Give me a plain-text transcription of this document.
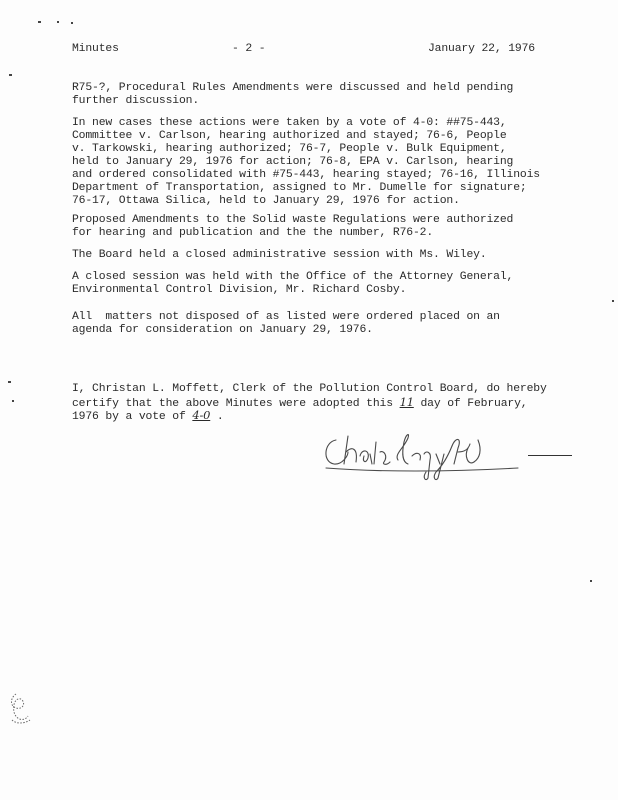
Minutes	- 2 -	January 22, 1976
R75-?, Procedural Rules Amendments were discussed and held pending
further discussion.
In new cases these actions were taken by a vote of 4-0: ##75-443,
Committee v. Carlson, hearing authorized and stayed; 76-6, People
v. Tarkowski, hearing authorized; 76-7, People v. Bulk Equipment,
held to January 29, 1976 for action; 76-8, EPA v. Carlson, hearing
and ordered consolidated with #75-443, hearing stayed; 76-16, Illinois
Department of Transportation, assigned to Mr. Dumelle for signature;
76-17, Ottawa Silica, held to January 29, 1976 for action.
Proposed Amendments to the Solid waste Regulations were authorized
for hearing and publication and the the number, R76-2.
The Board held a closed administrative session with Ms. Wiley.
A closed session was held with the Office of the Attorney General,
Environmental Control Division, Mr. Richard Cosby.
All  matters not disposed of as listed were ordered placed on an
agenda for consideration on January 29, 1976.
I, Christan L. Moffett, Clerk of the Pollution Control Board, do hereby
certify that the above Minutes were adopted this 11 day of February,
1976 by a vote of 4-0 .
